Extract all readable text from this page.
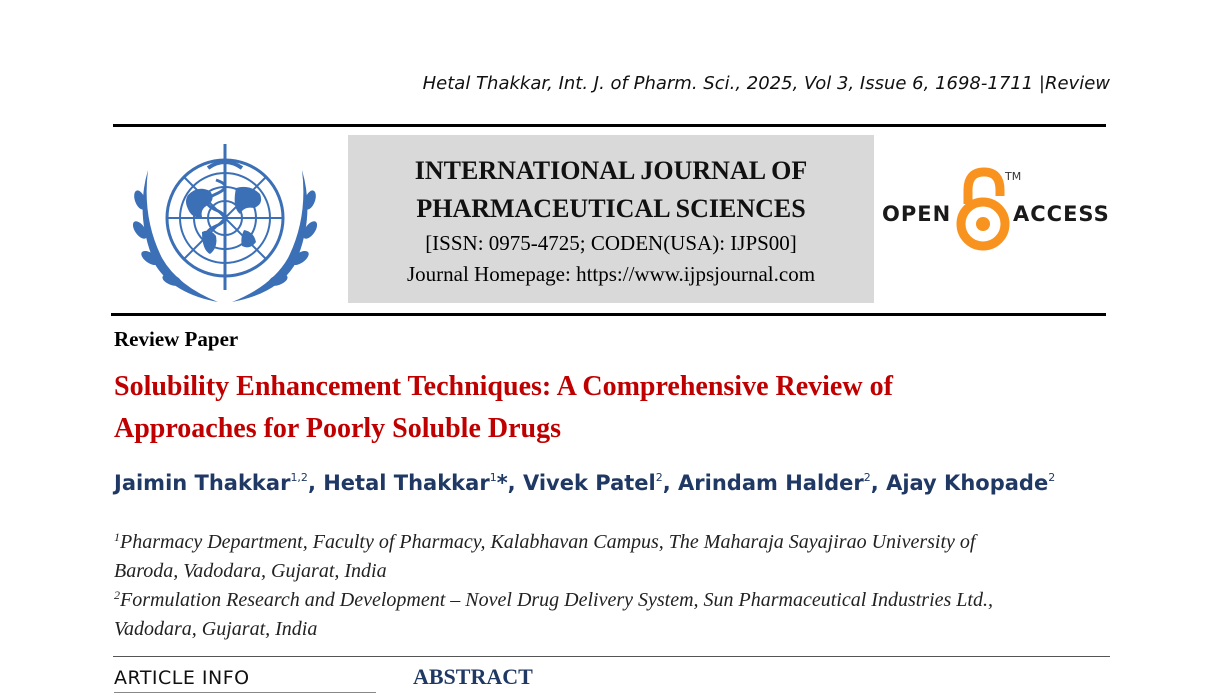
Hetal Thakkar, Int. J. of Pharm. Sci., 2025, Vol 3, Issue 6, 1698-1711 |Review
INTERNATIONAL JOURNAL OF
PHARMACEUTICAL SCIENCES
[ISSN: 0975-4725; CODEN(USA): IJPS00]
Journal Homepage: https://www.ijpsjournal.com
OPEN
TM
ACCESS
Review Paper
Solubility Enhancement Techniques: A Comprehensive Review of
Approaches for Poorly Soluble Drugs
Jaimin Thakkar$^{1,2}$, Hetal Thakkar$^1$*, Vivek Patel$^2$, Arindam Halder$^2$, Ajay Khopade$^2$
$^1$Pharmacy Department, Faculty of Pharmacy, Kalabhavan Campus, The Maharaja Sayajirao University of
Baroda, Vadodara, Gujarat, India
$^2$Formulation Research and Development – Novel Drug Delivery System, Sun Pharmaceutical Industries Ltd.,
Vadodara, Gujarat, India
ARTICLE INFO	ABSTRACT
